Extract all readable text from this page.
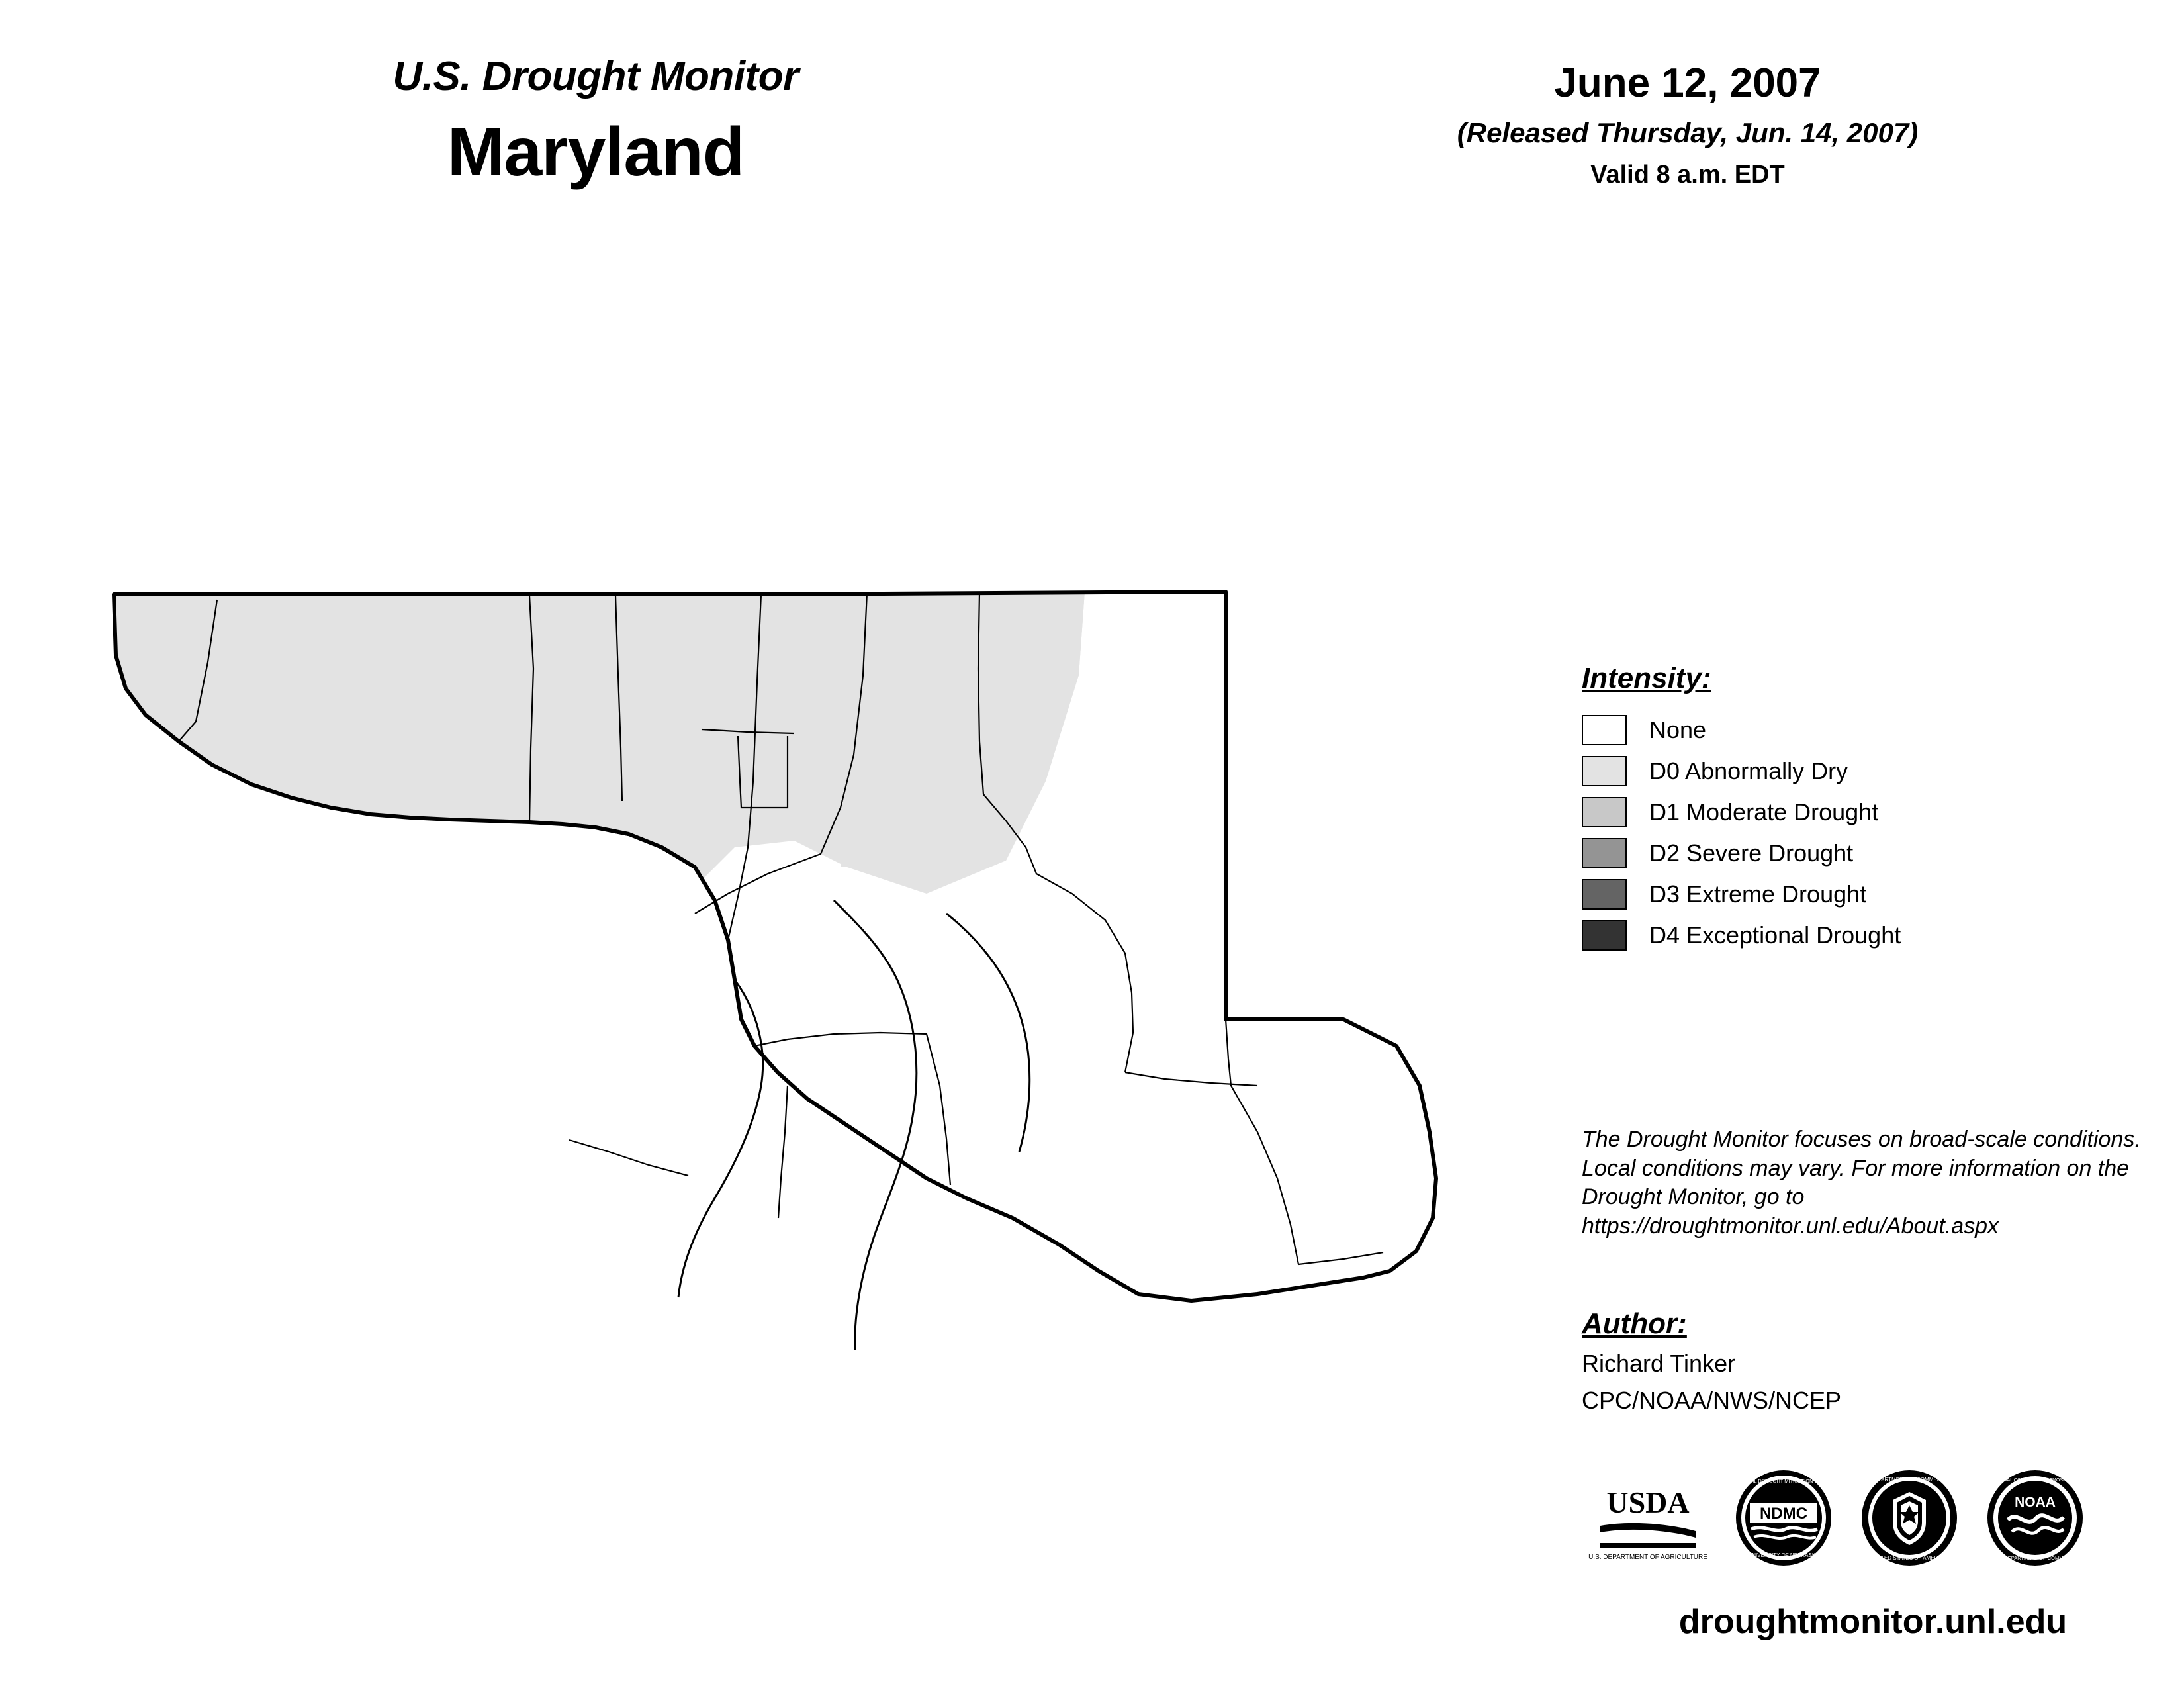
U.S. Drought Monitor
Maryland
June 12, 2007
(Released Thursday, Jun. 14, 2007)
Valid 8 a.m. EDT
Intensity:
None
D0 Abnormally Dry
D1 Moderate Drought
D2 Severe Drought
D3 Extreme Drought
D4 Exceptional Drought
The Drought Monitor focuses on broad-scale conditions. Local conditions may vary. For more information on the Drought Monitor, go to https://droughtmonitor.unl.edu/About.aspx
Author:
Richard Tinker
CPC/NOAA/NWS/NCEP
USDA
U.S. DEPARTMENT OF AGRICULTURE
NDMC
NATIONAL DROUGHT MITIGATION CENTER
UNIVERSITY OF NEBRASKA
DEPARTMENT OF COMMERCE
UNITED STATES OF AMERICA
NOAA
NATIONAL OCEANIC AND ATMOSPHERIC
U.S. DEPARTMENT OF COMMERCE
droughtmonitor.unl.edu
